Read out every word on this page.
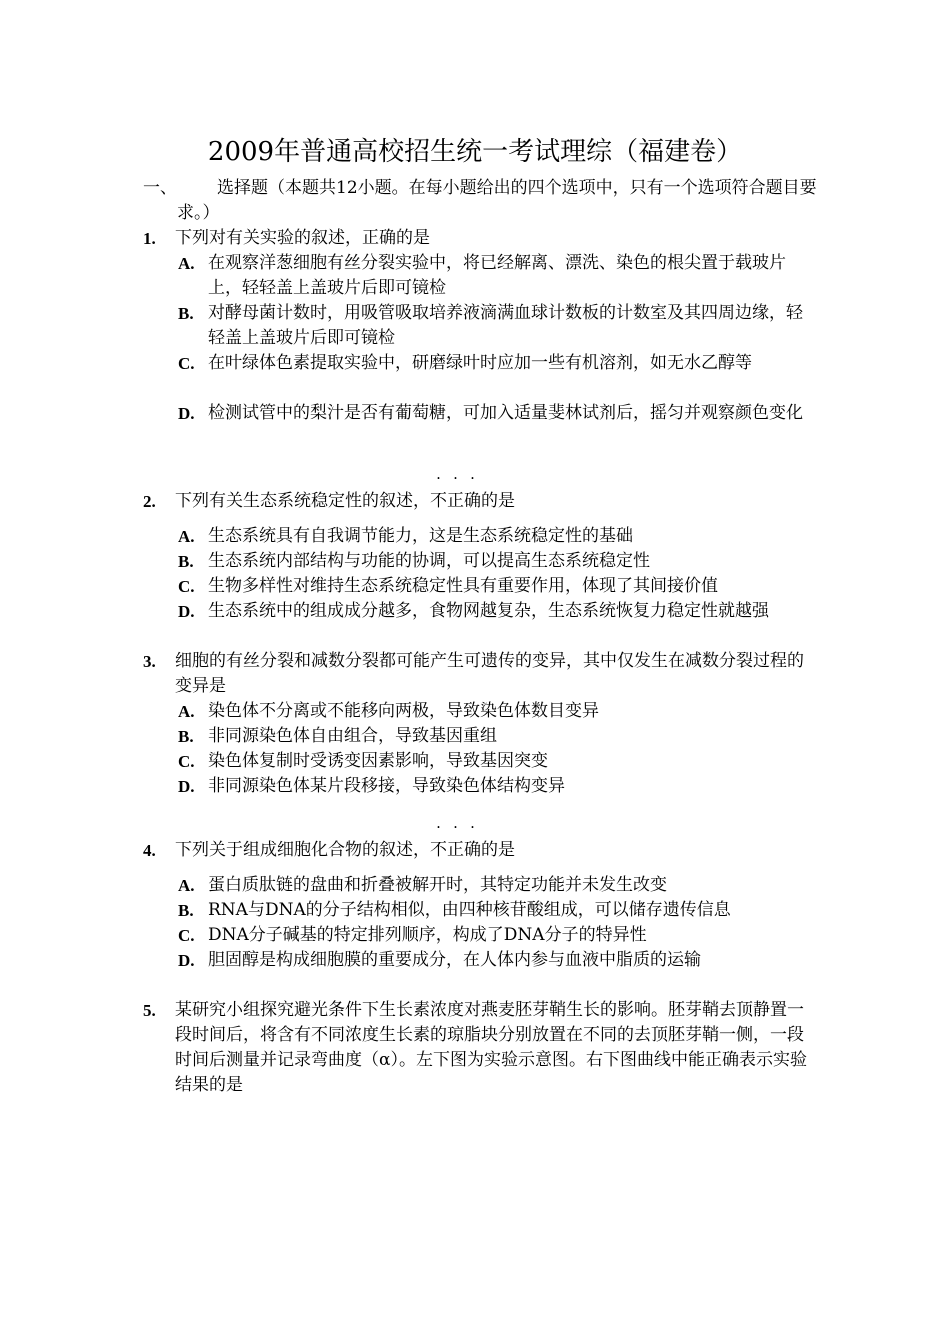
2009年普通高校招生统一考试理综（福建卷）
一、	选择题（本题共12小题。在每小题给出的四个选项中，只有一个选项符合题目要求。）
1. 下列对有关实验的叙述，正确的是
A. 在观察洋葱细胞有丝分裂实验中，将已经解离、漂洗、染色的根尖置于载玻片上，轻轻盖上盖玻片后即可镜检
B. 对酵母菌计数时，用吸管吸取培养液滴满血球计数板的计数室及其四周边缘，轻轻盖上盖玻片后即可镜检
C. 在叶绿体色素提取实验中，研磨绿叶时应加一些有机溶剂，如无水乙醇等
D. 检测试管中的梨汁是否有葡萄糖，可加入适量斐林试剂后，摇匀并观察颜色变化
2. 下列有关生态系统稳定性的叙述，
· · ·
不正确的是
A. 生态系统具有自我调节能力，这是生态系统稳定性的基础
B. 生态系统内部结构与功能的协调，可以提高生态系统稳定性
C. 生物多样性对维持生态系统稳定性具有重要作用，体现了其间接价值
D. 生态系统中的组成成分越多，食物网越复杂，生态系统恢复力稳定性就越强
3. 细胞的有丝分裂和减数分裂都可能产生可遗传的变异，其中仅发生在减数分裂过程的变异是
A. 染色体不分离或不能移向两极，导致染色体数目变异
B. 非同源染色体自由组合，导致基因重组
C. 染色体复制时受诱变因素影响，导致基因突变
D. 非同源染色体某片段移接，导致染色体结构变异
4. 下列关于组成细胞化合物的叙述，
· · ·
不正确的是
A. 蛋白质肽链的盘曲和折叠被解开时，其特定功能并未发生改变
B. RNA与DNA的分子结构相似，由四种核苷酸组成，可以储存遗传信息
C. DNA分子碱基的特定排列顺序，构成了DNA分子的特异性
D. 胆固醇是构成细胞膜的重要成分，在人体内参与血液中脂质的运输
5. 某研究小组探究避光条件下生长素浓度对燕麦胚芽鞘生长的影响。胚芽鞘去顶静置一段时间后，将含有不同浓度生长素的琼脂块分别放置在不同的去顶胚芽鞘一侧，一段时间后测量并记录弯曲度（α）。左下图为实验示意图。右下图曲线中能正确表示实验结果的是
